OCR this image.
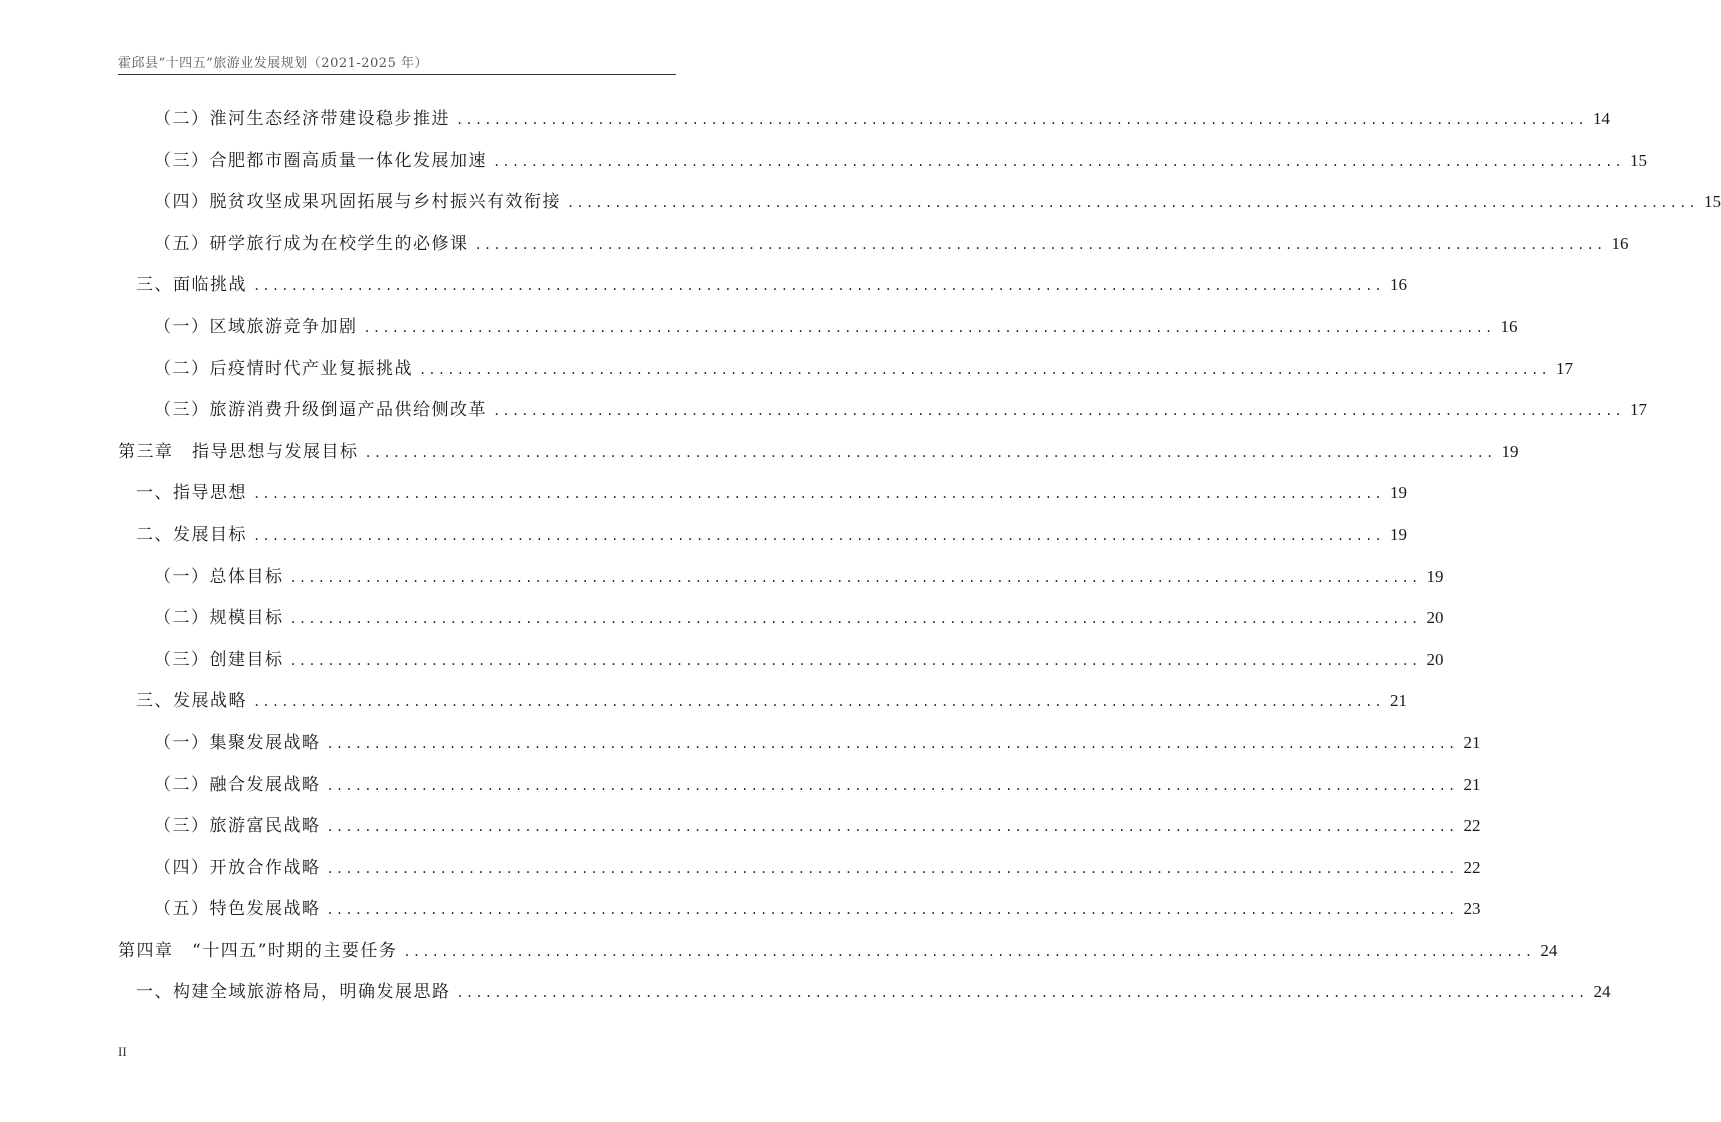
霍邱县“十四五”旅游业发展规划（2021-2025 年）
（二）淮河生态经济带建设稳步推进 ........................................................................................................................ 14
（三）合肥都市圈高质量一体化发展加速 ........................................................................................................................ 15
（四）脱贫攻坚成果巩固拓展与乡村振兴有效衔接 ........................................................................................................................ 15
（五）研学旅行成为在校学生的必修课 ........................................................................................................................ 16
三、面临挑战 ........................................................................................................................ 16
（一）区域旅游竞争加剧 ........................................................................................................................ 16
（二）后疫情时代产业复振挑战 ........................................................................................................................ 17
（三）旅游消费升级倒逼产品供给侧改革 ........................................................................................................................ 17
第三章　指导思想与发展目标 ........................................................................................................................ 19
一、指导思想 ........................................................................................................................ 19
二、发展目标 ........................................................................................................................ 19
（一）总体目标 ........................................................................................................................ 19
（二）规模目标 ........................................................................................................................ 20
（三）创建目标 ........................................................................................................................ 20
三、发展战略 ........................................................................................................................ 21
（一）集聚发展战略 ........................................................................................................................ 21
（二）融合发展战略 ........................................................................................................................ 21
（三）旅游富民战略 ........................................................................................................................ 22
（四）开放合作战略 ........................................................................................................................ 22
（五）特色发展战略 ........................................................................................................................ 23
第四章　“十四五”时期的主要任务 ........................................................................................................................ 24
一、构建全域旅游格局，明确发展思路 ........................................................................................................................ 24
II
